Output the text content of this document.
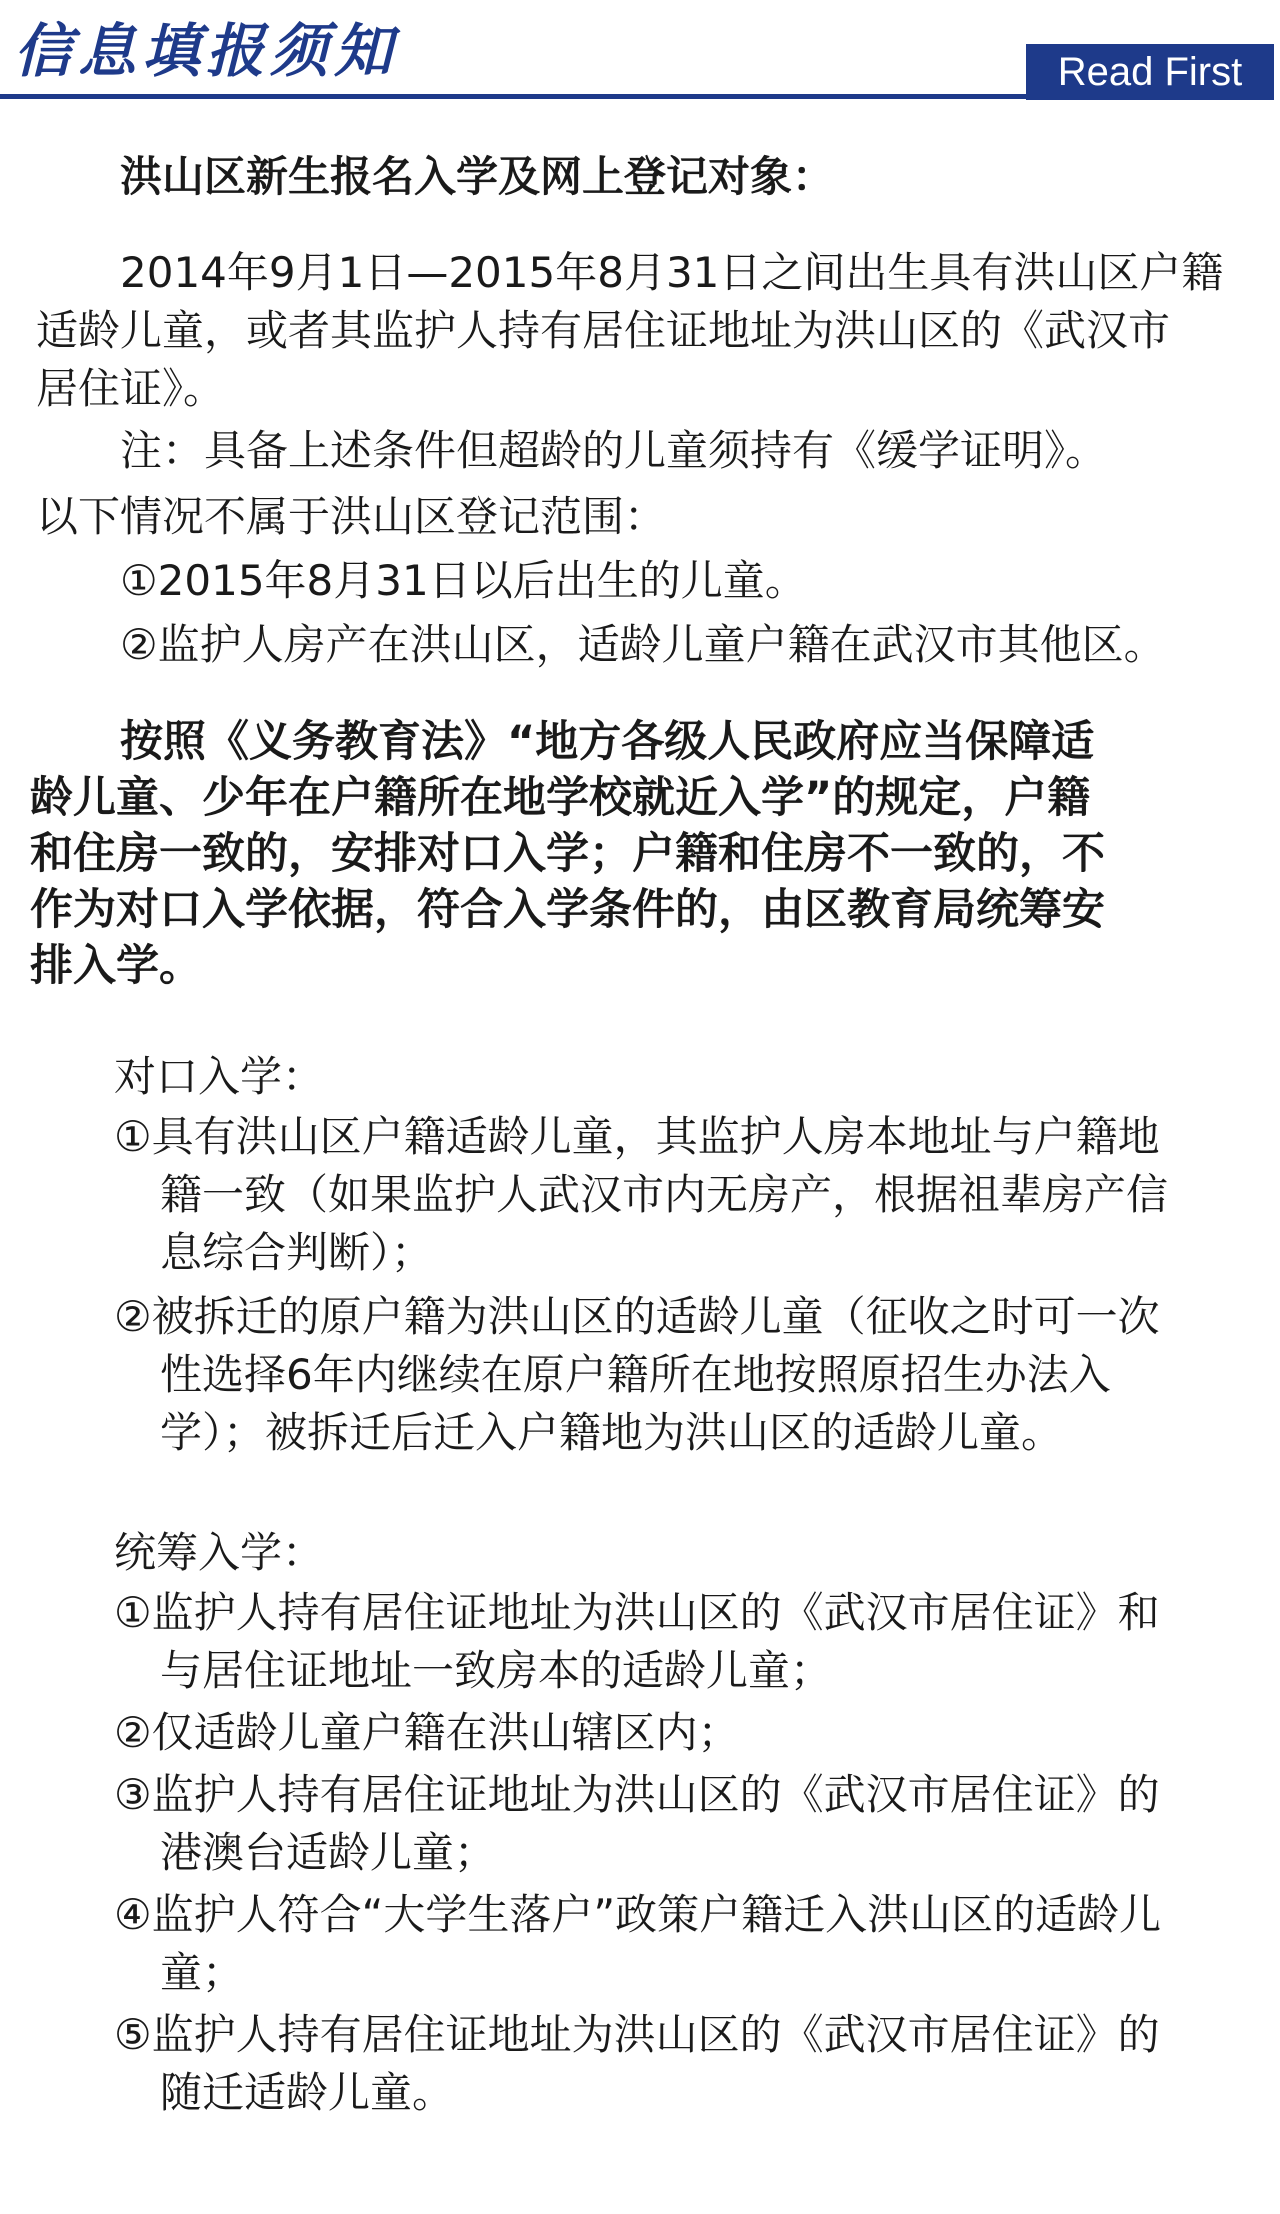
信息填报须知	Read First
洪山区新生报名入学及网上登记对象：
2014年9月1日—2015年8月31日之间出生具有洪山区户籍
适龄儿童，或者其监护人持有居住证地址为洪山区的《武汉市
居住证》。
注：具备上述条件但超龄的儿童须持有《缓学证明》。
以下情况不属于洪山区登记范围：
①2015年8月31日以后出生的儿童。
②监护人房产在洪山区，适龄儿童户籍在武汉市其他区。
按照《义务教育法》“地方各级人民政府应当保障适
龄儿童、少年在户籍所在地学校就近入学”的规定，户籍
和住房一致的，安排对口入学；户籍和住房不一致的，不
作为对口入学依据，符合入学条件的，由区教育局统筹安
排入学。
对口入学：
①具有洪山区户籍适龄儿童，其监护人房本地址与户籍地
籍一致（如果监护人武汉市内无房产，根据祖辈房产信
息综合判断）；
②被拆迁的原户籍为洪山区的适龄儿童（征收之时可一次
性选择6年内继续在原户籍所在地按照原招生办法入
学）；被拆迁后迁入户籍地为洪山区的适龄儿童。
统筹入学：
①监护人持有居住证地址为洪山区的《武汉市居住证》和
与居住证地址一致房本的适龄儿童；
②仅适龄儿童户籍在洪山辖区内；
③监护人持有居住证地址为洪山区的《武汉市居住证》的
港澳台适龄儿童；
④监护人符合“大学生落户”政策户籍迁入洪山区的适龄儿
童；
⑤监护人持有居住证地址为洪山区的《武汉市居住证》的
随迁适龄儿童。
